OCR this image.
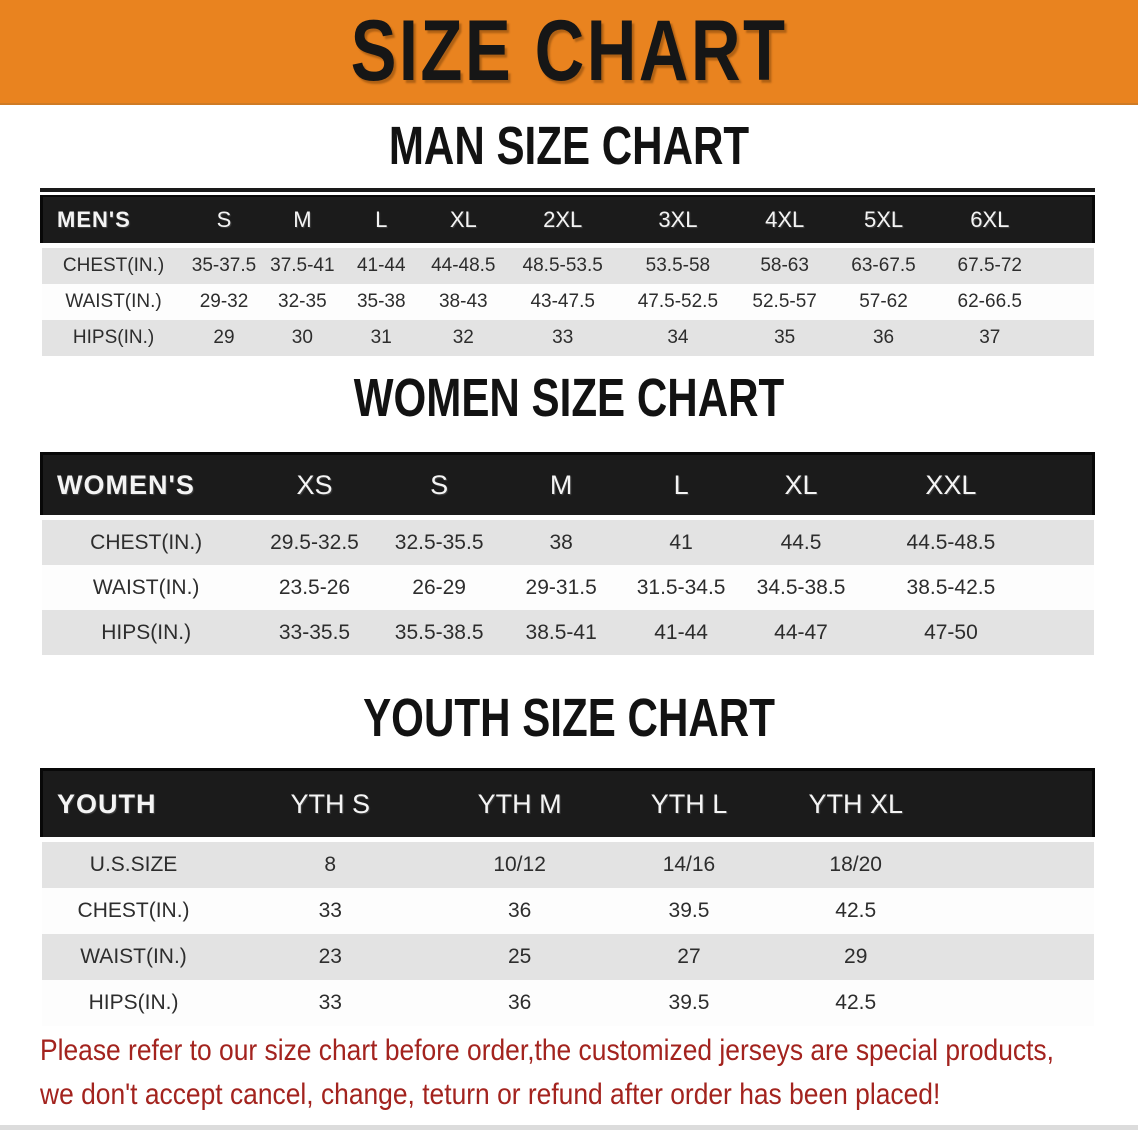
SIZE CHART
MAN SIZE CHART
MEN'S	S	M	L	XL	2XL	3XL	4XL	5XL	6XL	
CHEST(IN.)	35-37.5	37.5-41	41-44	44-48.5	48.5-53.5	53.5-58	58-63	63-67.5	67.5-72	
WAIST(IN.)	29-32	32-35	35-38	38-43	43-47.5	47.5-52.5	52.5-57	57-62	62-66.5	
HIPS(IN.)	29	30	31	32	33	34	35	36	37	
WOMEN SIZE CHART
WOMEN'S	XS	S	M	L	XL	XXL	
CHEST(IN.)	29.5-32.5	32.5-35.5	38	41	44.5	44.5-48.5	
WAIST(IN.)	23.5-26	26-29	29-31.5	31.5-34.5	34.5-38.5	38.5-42.5	
HIPS(IN.)	33-35.5	35.5-38.5	38.5-41	41-44	44-47	47-50	
YOUTH SIZE CHART
YOUTH	YTH S	YTH M	YTH L	YTH XL	
U.S.SIZE	8	10/12	14/16	18/20	
CHEST(IN.)	33	36	39.5	42.5	
WAIST(IN.)	23	25	27	29	
HIPS(IN.)	33	36	39.5	42.5	
Please refer to our size chart before order,the customized jerseys are special products,
we don't accept cancel, change, teturn or refund after order has been placed!
